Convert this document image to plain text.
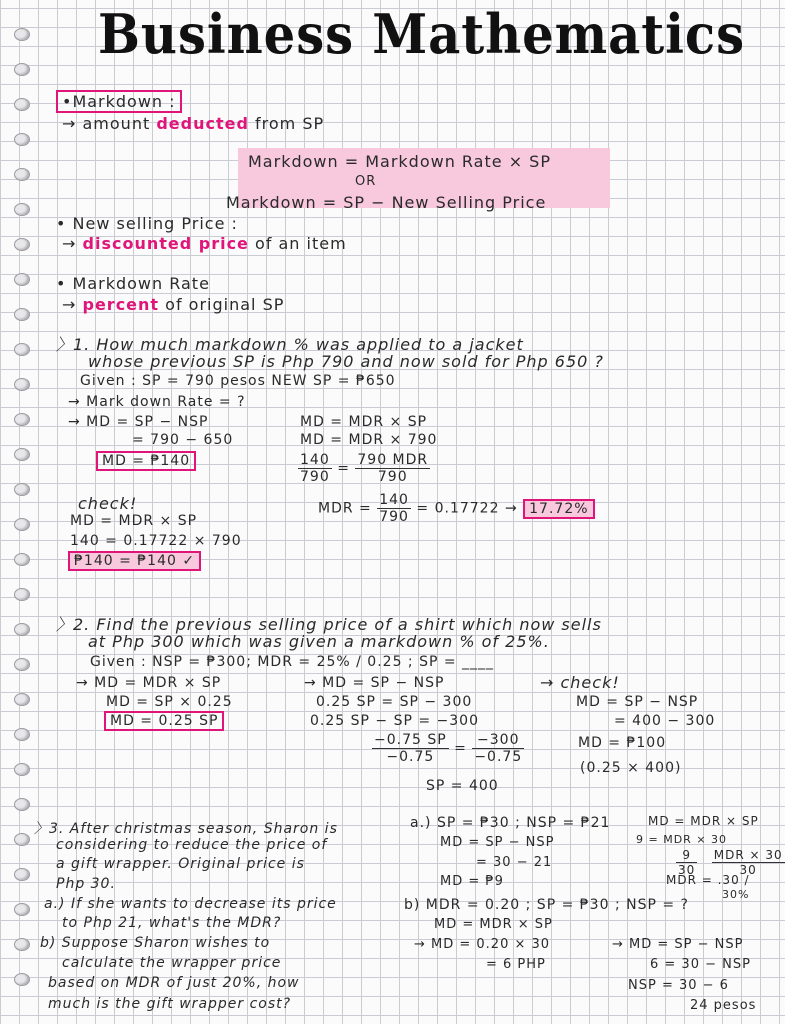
Business Mathematics
•Markdown :
→ amount deducted from SP
Markdown = Markdown Rate × SP
OR
Markdown = SP − New Selling Price
• New selling Price :
→ discounted price of an item
• Markdown Rate
→ percent of original SP
〉1. How much markdown % was applied to a jacket
whose previous SP is Php 790 and now sold for Php 650 ?
Given : SP = 790 pesos NEW SP = ₱650
→ Mark down Rate = ?
→ MD = SP − NSP
= 790 − 650
MD = ₱140
MD = MDR × SP
MD = MDR × 790
$\frac{140}{790} = \frac{\text{790 MDR}}{790}$
MDR = $\frac{140}{790} = 0.17722 \to 17.72\%$
check!
MD = MDR × SP
140 = 0.17722 × 790
₱140 = ₱140 ✓
〉2. Find the previous selling price of a shirt which now sells
at Php 300 which was given a markdown % of 25%.
Given : NSP = ₱300; MDR = 25% / 0.25 ; SP = ____
→ MD = MDR × SP
MD = SP × 0.25
MD = 0.25 SP
→ MD = SP − NSP
0.25 SP = SP − 300
0.25 SP − SP = −300
$\frac{-0.75 SP}{-0.75} = \frac{-300}{-0.75}$
SP = 400
→ check!
MD = SP − NSP
= 400 − 300
MD = ₱100
(0.25 × 400)
〉3. After christmas season, Sharon is
considering to reduce the price of
a gift wrapper. Original price is
Php 30.
a.) If she wants to decrease its price
to Php 21, what's the MDR?
b) Suppose Sharon wishes to
calculate the wrapper price
based on MDR of just 20%, how
much is the gift wrapper cost?
a.) SP = ₱30 ; NSP = ₱21
MD = SP − NSP
= 30 − 21
MD = ₱9
MD = MDR × SP
9 = MDR × 30
$\frac{9}{30}$
$\frac{\text{MDR × 30}}{30}$
MDR = .30 /
30%
b) MDR = 0.20 ; SP = ₱30 ; NSP = ?
MD = MDR × SP
→ MD = 0.20 × 30
= 6 PHP
→ MD = SP − NSP
6 = 30 − NSP
NSP = 30 − 6
24 pesos
